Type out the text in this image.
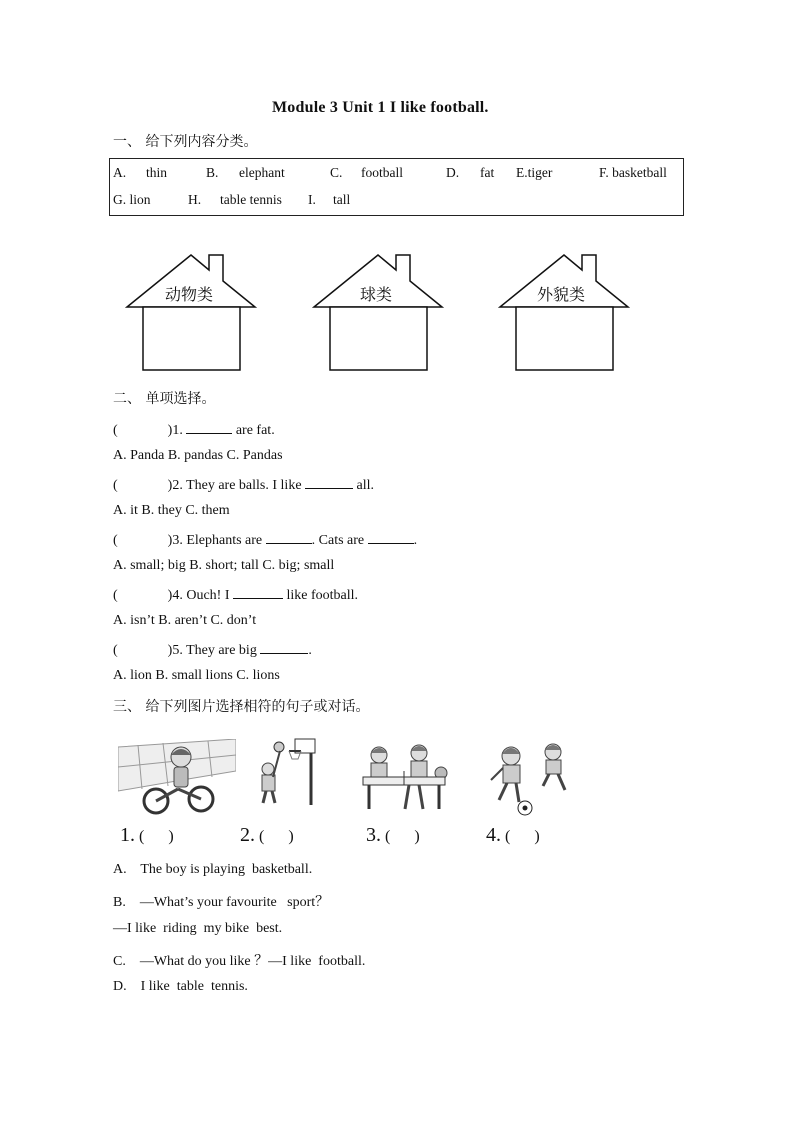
Module 3 Unit 1 I like football.
一、 给下列内容分类。
A. thin	B. elephant	C. football	D. fat E.tiger	F. basketball
G. lion	H. table tennis I. tall
动物类	球类	外貌类
二、 单项选择。
(	)1.	are fat.
A. Panda B. pandas C. Pandas
(	)2. They are balls. I like	all.
A. it B. they C. them
(	)3. Elephants are	. Cats are	.
A. small; big B. short; tall C. big; small
(	)4. Ouch! I	like football.
A. isn’t B. aren’t C. don’t
(	)5. They are big	.
A. lion B. small lions C. lions
三、 给下列图片选择相符的句子或对话。
1. (      )	2. (      )	3. (      )	4. (      )
A.    The boy is playing  basketball.
B.    —What’s your favourite   sport？
—I like  riding  my bike  best.
C.    —What do you like ？—I like  football.
D.    I like  table  tennis.
